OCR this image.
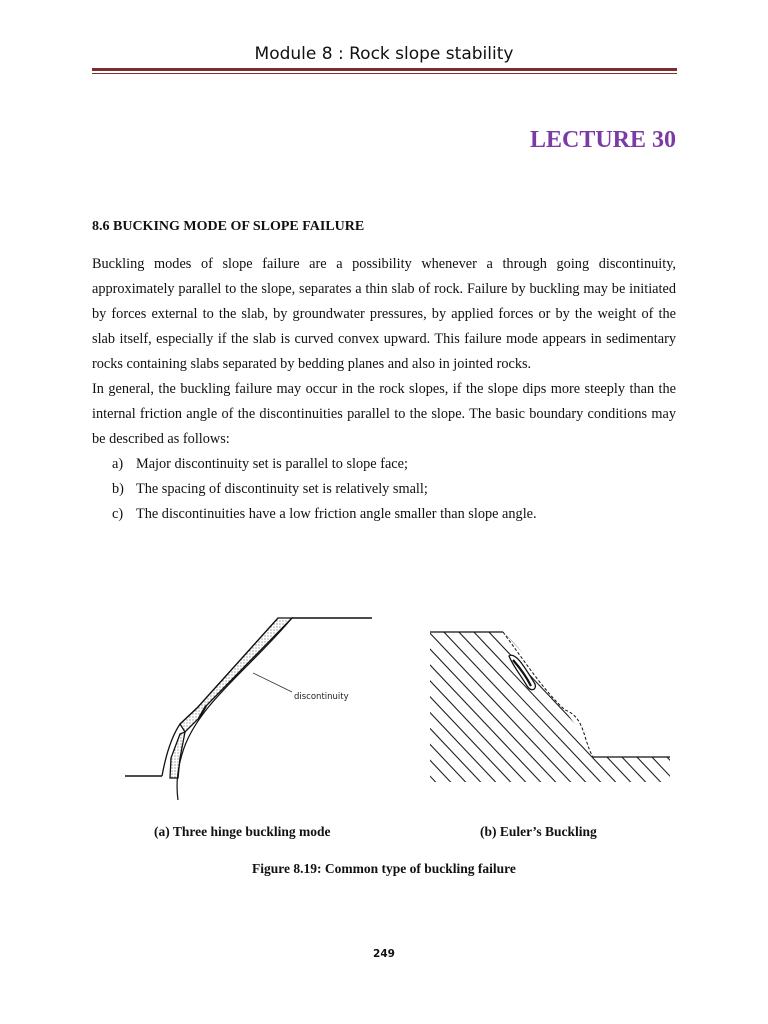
Module 8 : Rock slope stability
LECTURE 30
8.6 BUCKING MODE OF SLOPE FAILURE

Buckling modes of slope failure are a possibility whenever a through going discontinuity, approximately parallel to the slope, separates a thin slab of rock. Failure by buckling may be initiated by forces external to the slab, by groundwater pressures, by applied forces or by the weight of the slab itself, especially if the slab is curved convex upward. This failure mode appears in sedimentary rocks containing slabs separated by bedding planes and also in jointed rocks.

In general, the buckling failure may occur in the rock slopes, if the slope dips more steeply than the internal friction angle of the discontinuities parallel to the slope. The basic boundary conditions may be described as follows:

a) Major discontinuity set is parallel to slope face;
b) The spacing of discontinuity set is relatively small;
c) The discontinuities have a low friction angle smaller than slope angle.
discontinuity
(a) Three hinge buckling mode	(b) Euler’s Buckling
Figure 8.19: Common type of buckling failure
249
